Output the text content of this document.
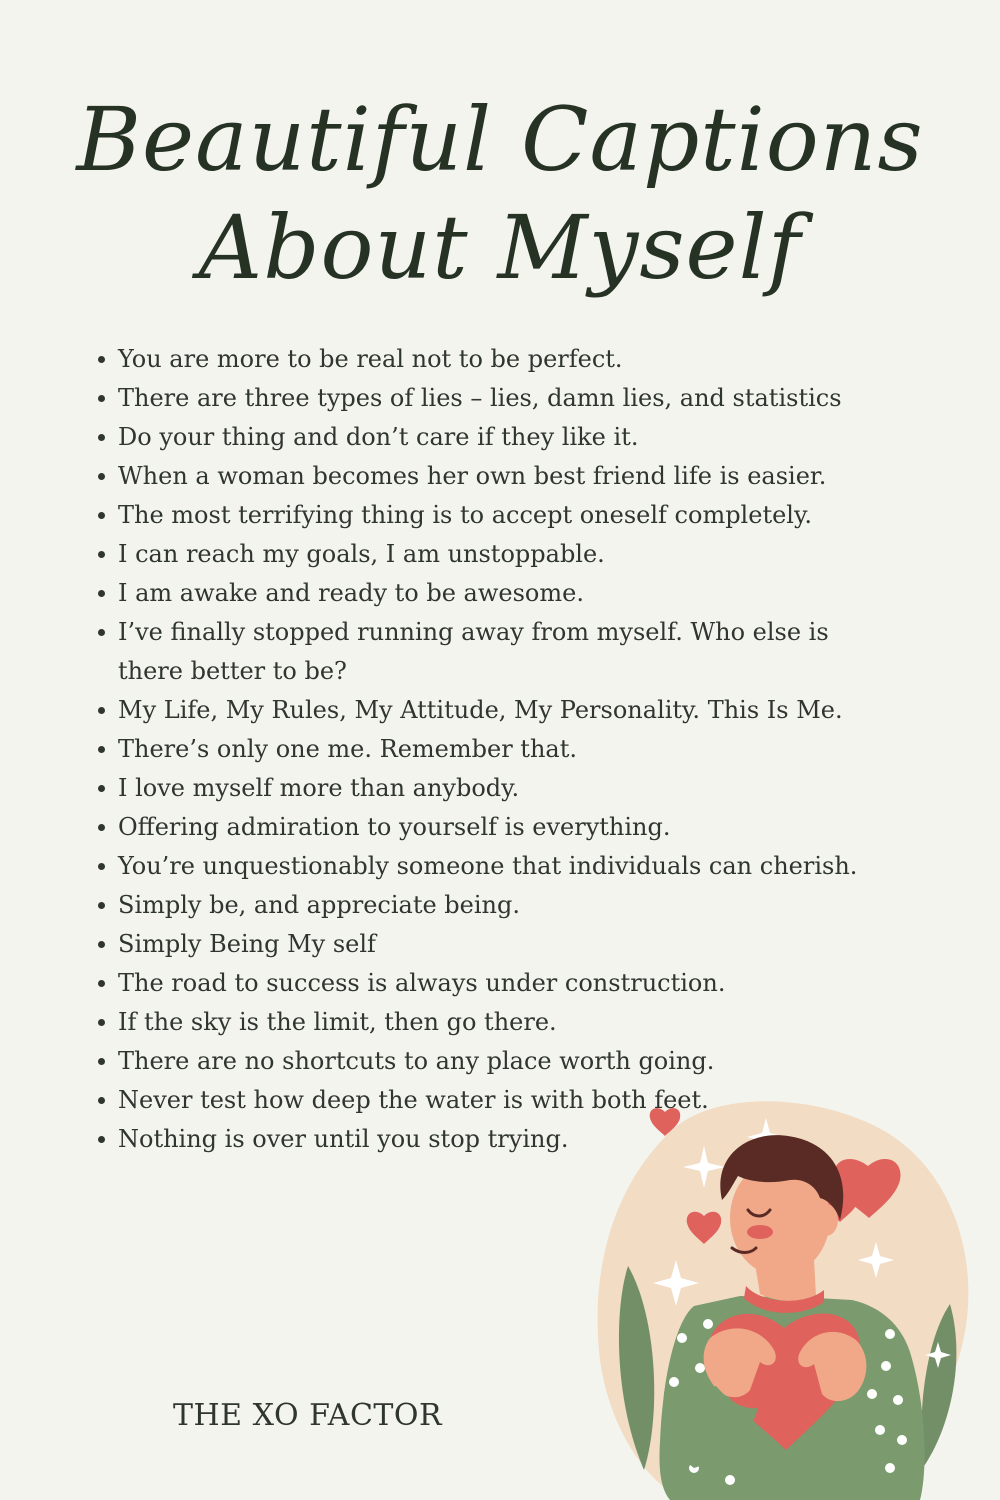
Beautiful Captions
About Myself
You are more to be real not to be perfect.
There are three types of lies – lies, damn lies, and statistics
Do your thing and don’t care if they like it.
When a woman becomes her own best friend life is easier.
The most terrifying thing is to accept oneself completely.
I can reach my goals, I am unstoppable.
I am awake and ready to be awesome.
I’ve finally stopped running away from myself. Who else is there better to be?
My Life, My Rules, My Attitude, My Personality. This Is Me.
There’s only one me. Remember that.
I love myself more than anybody.
Offering admiration to yourself is everything.
You’re unquestionably someone that individuals can cherish.
Simply be, and appreciate being.
Simply Being My self
The road to success is always under construction.
If the sky is the limit, then go there.
There are no shortcuts to any place worth going.
Never test how deep the water is with both feet.
Nothing is over until you stop trying.
THE XO FACTOR
